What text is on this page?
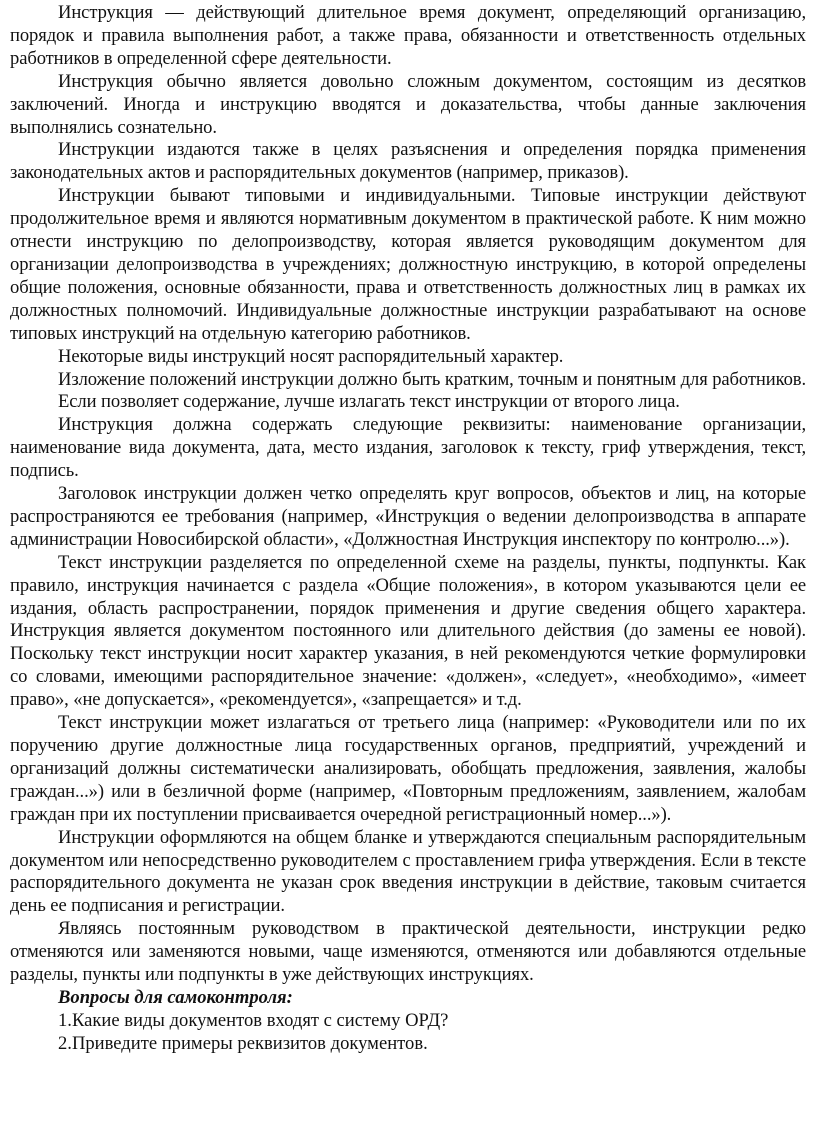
Инструкция — действующий длительное время документ, определяющий организацию, порядок и правила выполнения работ, а также права, обязанности и ответственность отдельных работников в определенной сфере деятельности.

Инструкция обычно является довольно сложным документом, состоящим из десятков заключений. Иногда и инструкцию вводятся и доказательства, чтобы данные заключения выполнялись сознательно.

Инструкции издаются также в целях разъяснения и определения порядка применения законодательных актов и распорядительных документов (например, приказов).

Инструкции бывают типовыми и индивидуальными. Типовые инструкции действуют продолжительное время и являются нормативным документом в практической работе. К ним можно отнести инструкцию по делопроизводству, которая является руководящим документом для организации делопроизводства в учреждениях; должностную инструкцию, в которой определены общие положения, основные обязанности, права и ответственность должностных лиц в рамках их должностных полномочий. Индивидуальные должностные инструкции разрабатывают на основе типовых инструкций на отдельную категорию работников.

Некоторые виды инструкций носят распорядительный характер.

Изложение положений инструкции должно быть кратким, точным и понятным для работников.

Если позволяет содержание, лучше излагать текст инструкции от второго лица.

Инструкция должна содержать следующие реквизиты: наименование организации, наименование вида документа, дата, место издания, заголовок к тексту, гриф утверждения, текст, подпись.

Заголовок инструкции должен четко определять круг вопросов, объектов и лиц, на которые распространяются ее требования (например, «Инструкция о ведении делопроизводства в аппарате администрации Новосибирской области», «Должностная Инструкция инспектору по контролю...»).

Текст инструкции разделяется по определенной схеме на разделы, пункты, подпункты. Как правило, инструкция начинается с раздела «Общие положения», в котором указываются цели ее издания, область распространении, порядок применения и другие сведения общего характера. Инструкция является документом постоянного или длительного действия (до замены ее новой). Поскольку текст инструкции носит характер указания, в ней рекомендуются четкие формулировки со словами, имеющими распорядительное значение: «должен», «следует», «необходимо», «имеет право», «не допускается», «рекомендуется», «запрещается» и т.д.

Текст инструкции может излагаться от третьего лица (например: «Руководители или по их поручению другие должностные лица государственных органов, предприятий, учреждений и организаций должны систематически анализировать, обобщать предложения, заявления, жалобы граждан...») или в безличной форме (например, «Повторным предложениям, заявлением, жалобам граждан при их поступлении присваивается очередной регистрационный номер...»).

Инструкции оформляются на общем бланке и утверждаются специальным распорядительным документом или непосредственно руководителем с проставлением грифа утверждения. Если в тексте распорядительного документа не указан срок введения инструкции в действие, таковым считается день ее подписания и регистрации.

Являясь постоянным руководством в практической деятельности, инструкции редко отменяются или заменяются новыми, чаще изменяются, отменяются или добавляются отдельные разделы, пункты или подпункты в уже действующих инструкциях.

Вопросы для самоконтроля:

1.Какие виды документов входят с систему ОРД?

2.Приведите примеры реквизитов документов.
